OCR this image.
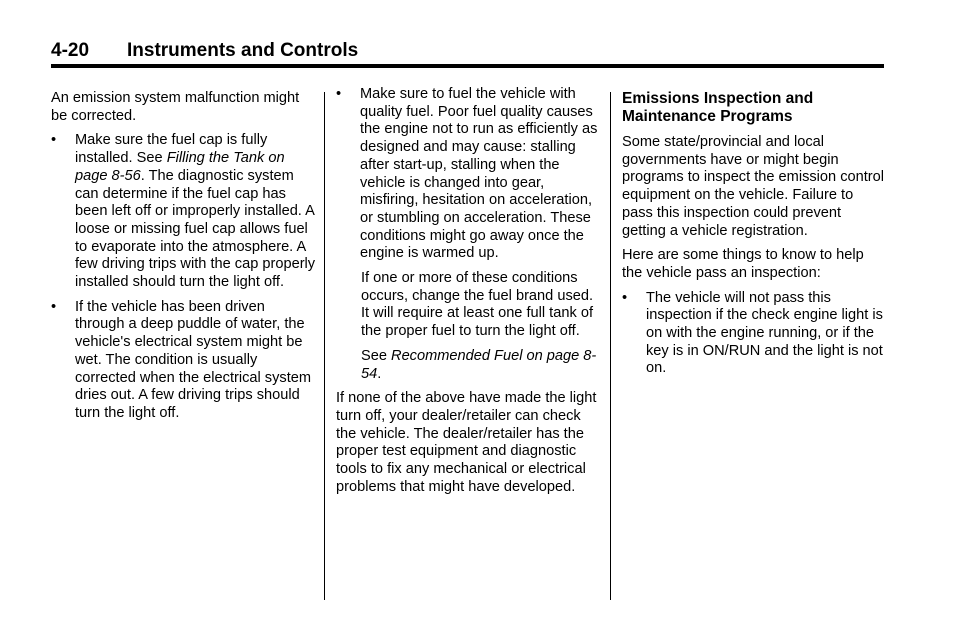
4-20 Instruments and Controls

An emission system malfunction might be corrected.

• Make sure the fuel cap is fully installed. See Filling the Tank on page 8-56. The diagnostic system can determine if the fuel cap has been left off or improperly installed. A loose or missing fuel cap allows fuel to evaporate into the atmosphere. A few driving trips with the cap properly installed should turn the light off.
• If the vehicle has been driven through a deep puddle of water, the vehicle's electrical system might be wet. The condition is usually corrected when the electrical system dries out. A few driving trips should turn the light off.
• Make sure to fuel the vehicle with quality fuel. Poor fuel quality causes the engine not to run as efficiently as designed and may cause: stalling after start-up, stalling when the vehicle is changed into gear, misfiring, hesitation on acceleration, or stumbling on acceleration. These conditions might go away once the engine is warmed up.
If one or more of these conditions occurs, change the fuel brand used. It will require at least one full tank of the proper fuel to turn the light off.
See Recommended Fuel on page 8-54.

If none of the above have made the light turn off, your dealer/retailer can check the vehicle. The dealer/retailer has the proper test equipment and diagnostic tools to fix any mechanical or electrical problems that might have developed.

Emissions Inspection and Maintenance Programs

Some state/provincial and local governments have or might begin programs to inspect the emission control equipment on the vehicle. Failure to pass this inspection could prevent getting a vehicle registration.

Here are some things to know to help the vehicle pass an inspection:

• The vehicle will not pass this inspection if the check engine light is on with the engine running, or if the key is in ON/RUN and the light is not on.
